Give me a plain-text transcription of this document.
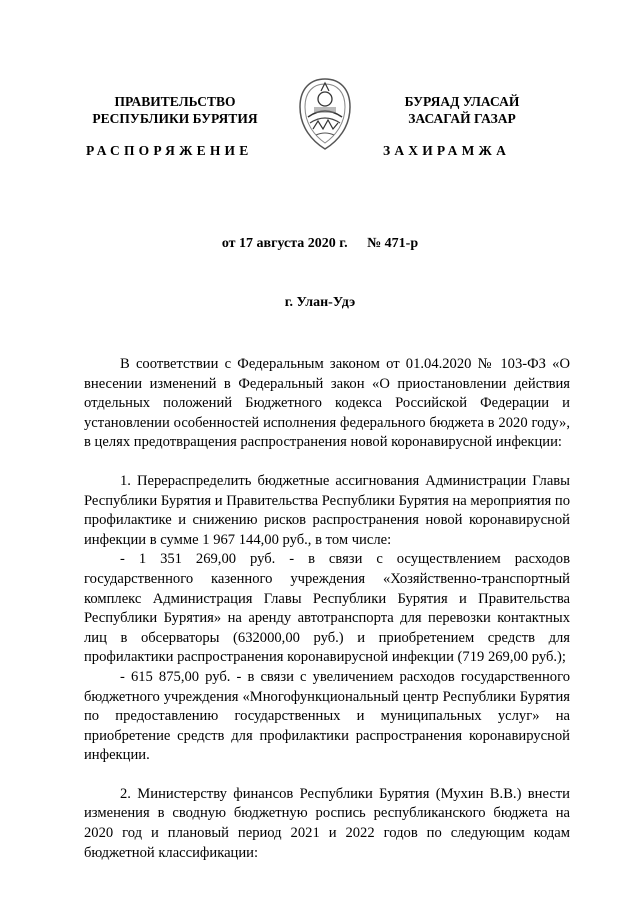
ПРАВИТЕЛЬСТВО
РЕСПУБЛИКИ БУРЯТИЯ
БУРЯАД УЛАСАЙ
ЗАСАГАЙ ГАЗАР
РАСПОРЯЖЕНИЕ	ЗАХИРАМЖА
от 17 августа 2020 г. № 471-р
г. Улан-Удэ

В соответствии с Федеральным законом от 01.04.2020 № 103-ФЗ «О внесении изменений в Федеральный закон «О приостановлении действия отдельных положений Бюджетного кодекса Российской Федерации и установлении особенностей исполнения федерального бюджета в 2020 году», в целях предотвращения распространения новой коронавирусной инфекции:

1. Перераспределить бюджетные ассигнования Администрации Главы Республики Бурятия и Правительства Республики Бурятия на мероприятия по профилактике и снижению рисков распространения новой коронавирусной инфекции в сумме 1 967 144,00 руб., в том числе:

- 1 351 269,00 руб. - в связи с осуществлением расходов государственного казенного учреждения «Хозяйственно-транспортный комплекс Администрация Главы Республики Бурятия и Правительства Республики Бурятия» на аренду автотранспорта для перевозки контактных лиц в обсерваторы (632000,00 руб.) и приобретением средств для профилактики распространения коронавирусной инфекции (719 269,00 руб.);

- 615 875,00 руб. - в связи с увеличением расходов государственного бюджетного учреждения «Многофункциональный центр Республики Бурятия по предоставлению государственных и муниципальных услуг» на приобретение средств для профилактики распространения коронавирусной инфекции.

2. Министерству финансов Республики Бурятия (Мухин В.В.) внести изменения в сводную бюджетную роспись республиканского бюджета на 2020 год и плановый период 2021 и 2022 годов по следующим кодам бюджетной классификации:
